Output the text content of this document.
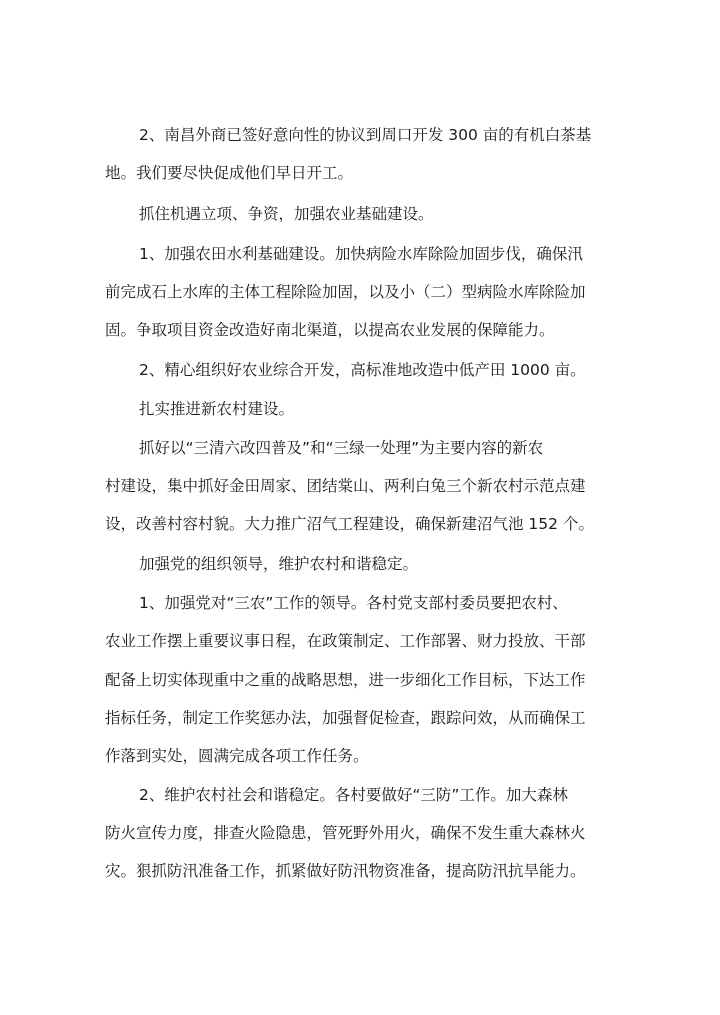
2、南昌外商已签好意向性的协议到周口开发 300 亩的有机白茶基
地。我们要尽快促成他们早日开工。
抓住机遇立项、争资，加强农业基础建设。
1、加强农田水利基础建设。加快病险水库除险加固步伐，确保汛
前完成石上水库的主体工程除险加固，以及小（二）型病险水库除险加
固。争取项目资金改造好南北渠道，以提高农业发展的保障能力。
2、精心组织好农业综合开发，高标准地改造中低产田 1000 亩。
扎实推进新农村建设。
抓好以“三清六改四普及”和“三绿一处理”为主要内容的新农
村建设，集中抓好金田周家、团结棠山、两利白兔三个新农村示范点建
设，改善村容村貌。大力推广沼气工程建设，确保新建沼气池 152 个。
加强党的组织领导，维护农村和谐稳定。
1、加强党对“三农”工作的领导。各村党支部村委员要把农村、
农业工作摆上重要议事日程，在政策制定、工作部署、财力投放、干部
配备上切实体现重中之重的战略思想，进一步细化工作目标，下达工作
指标任务，制定工作奖惩办法，加强督促检查，跟踪问效，从而确保工
作落到实处，圆满完成各项工作任务。
2、维护农村社会和谐稳定。各村要做好“三防”工作。加大森林
防火宣传力度，排查火险隐患，管死野外用火，确保不发生重大森林火
灾。狠抓防汛准备工作，抓紧做好防汛物资准备，提高防汛抗旱能力。
